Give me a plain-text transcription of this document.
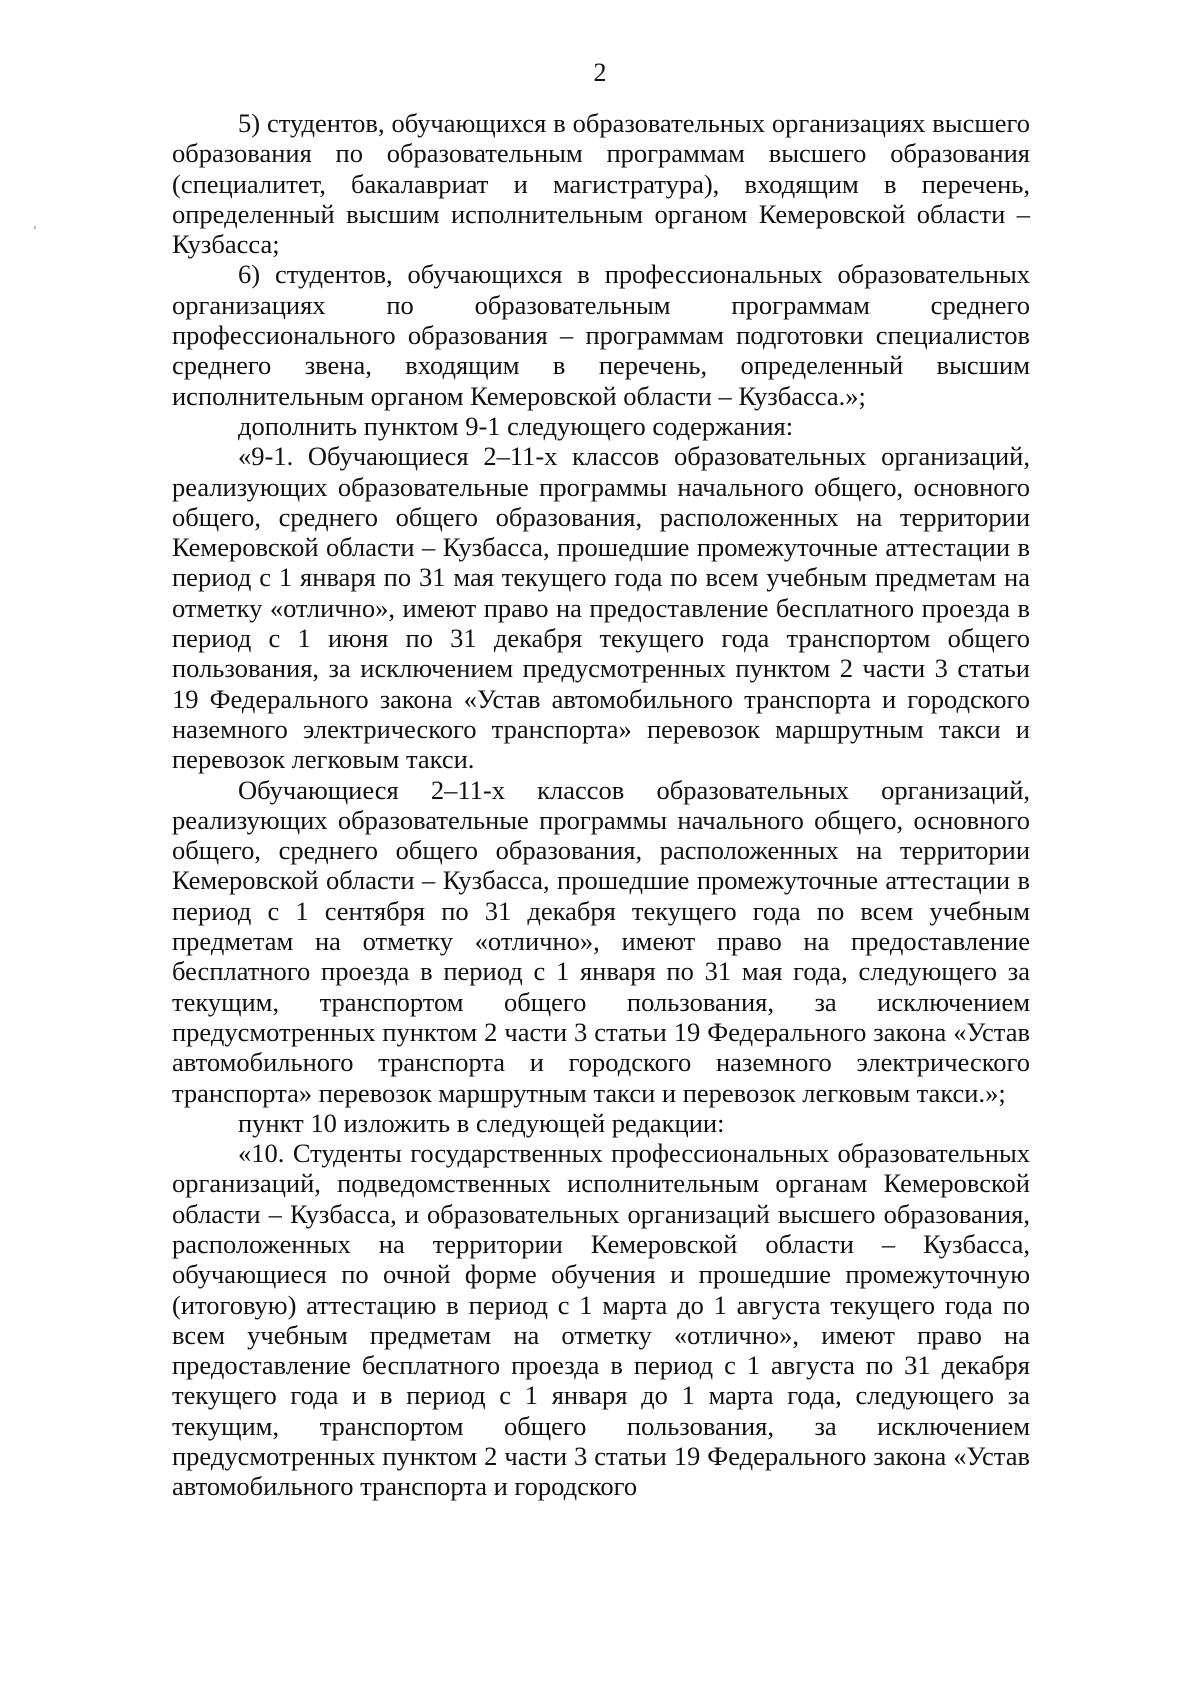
2

5) студентов, обучающихся в образовательных организациях высшего образования по образовательным программам высшего образования (специалитет, бакалавриат и магистратура), входящим в перечень, определенный высшим исполнительным органом Кемеровской области – Кузбасса;

6) студентов, обучающихся в профессиональных образовательных организациях по образовательным программам среднего профессионального образования – программам подготовки специалистов среднего звена, входящим в перечень, определенный высшим исполнительным органом Кемеровской области – Кузбасса.»;

дополнить пунктом 9-1 следующего содержания:

«9-1. Обучающиеся 2–11-х классов образовательных организаций, реализующих образовательные программы начального общего, основного общего, среднего общего образования, расположенных на территории Кемеровской области – Кузбасса, прошедшие промежуточные аттестации в период с 1 января по 31 мая текущего года по всем учебным предметам на отметку «отлично», имеют право на предоставление бесплатного проезда в период с 1 июня по 31 декабря текущего года транспортом общего пользования, за исключением предусмотренных пунктом 2 части 3 статьи 19 Федерального закона «Устав автомобильного транспорта и городского наземного электрического транспорта» перевозок маршрутным такси и перевозок легковым такси.

Обучающиеся 2–11-х классов образовательных организаций, реализующих образовательные программы начального общего, основного общего, среднего общего образования, расположенных на территории Кемеровской области – Кузбасса, прошедшие промежуточные аттестации в период с 1 сентября по 31 декабря текущего года по всем учебным предметам на отметку «отлично», имеют право на предоставление бесплатного проезда в период с 1 января по 31 мая года, следующего за текущим, транспортом общего пользования, за исключением предусмотренных пунктом 2 части 3 статьи 19 Федерального закона «Устав автомобильного транспорта и городского наземного электрического транспорта» перевозок маршрутным такси и перевозок легковым такси.»;

пункт 10 изложить в следующей редакции:

«10. Студенты государственных профессиональных образовательных организаций, подведомственных исполнительным органам Кемеровской области – Кузбасса, и образовательных организаций высшего образования, расположенных на территории Кемеровской области – Кузбасса, обучающиеся по очной форме обучения и прошедшие промежуточную (итоговую) аттестацию в период с 1 марта до 1 августа текущего года по всем учебным предметам на отметку «отлично», имеют право на предоставление бесплатного проезда в период с 1 августа по 31 декабря текущего года и в период с 1 января до 1 марта года, следующего за текущим, транспортом общего пользования, за исключением предусмотренных пунктом 2 части 3 статьи 19 Федерального закона «Устав автомобильного транспорта и городского
